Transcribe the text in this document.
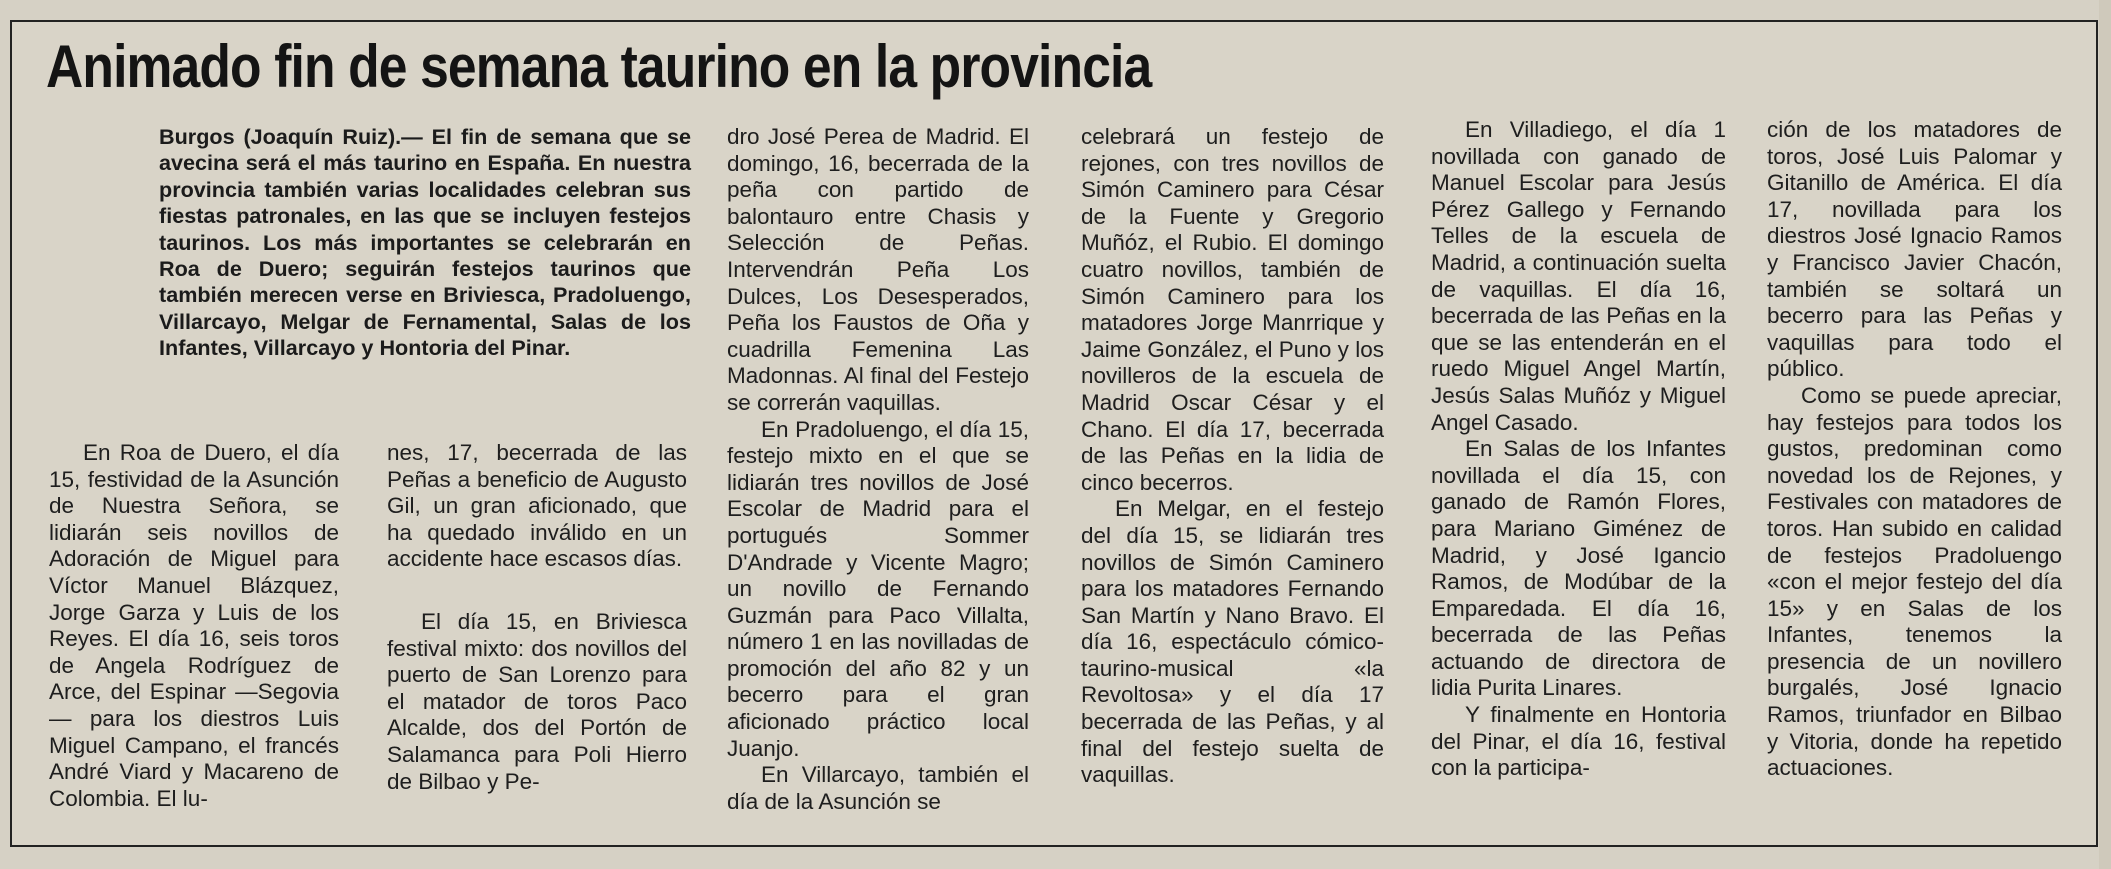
Animado fin de semana taurino en la provincia
Burgos (Joaquín Ruiz).— El fin de semana que se avecina será el más taurino en España. En nuestra provincia también varias localidades celebran sus fiestas patronales, en las que se incluyen festejos taurinos. Los más importantes se celebrarán en Roa de Duero; seguirán festejos taurinos que también merecen verse en Briviesca, Pradoluengo, Villarcayo, Melgar de Fernamental, Salas de los Infantes, Villarcayo y Hontoria del Pinar.

En Roa de Duero, el día 15, festividad de la Asunción de Nuestra Señora, se lidiarán seis novillos de Adoración de Miguel para Víctor Manuel Blázquez, Jorge Garza y Luis de los Reyes. El día 16, seis toros de Angela Rodríguez de Arce, del Espinar —Segovia— para los diestros Luis Miguel Campano, el francés André Viard y Macareno de Colombia. El lu-

nes, 17, becerrada de las Peñas a beneficio de Augusto Gil, un gran aficionado, que ha quedado inválido en un accidente hace escasos días.

El día 15, en Briviesca festival mixto: dos novillos del puerto de San Lorenzo para el matador de toros Paco Alcalde, dos del Portón de Salamanca para Poli Hierro de Bilbao y Pe-

dro José Perea de Madrid. El domingo, 16, becerrada de la peña con partido de balontauro entre Chasis y Selección de Peñas. Intervendrán Peña Los Dulces, Los Desesperados, Peña los Faustos de Oña y cuadrilla Femenina Las Madonnas. Al final del Festejo se correrán vaquillas.

En Pradoluengo, el día 15, festejo mixto en el que se lidiarán tres novillos de José Escolar de Madrid para el portugués Sommer D'Andrade y Vicente Magro; un novillo de Fernando Guzmán para Paco Villalta, número 1 en las novilladas de promoción del año 82 y un becerro para el gran aficionado práctico local Juanjo.

En Villarcayo, también el día de la Asunción se

celebrará un festejo de rejones, con tres novillos de Simón Caminero para César de la Fuente y Gregorio Muñóz, el Rubio. El domingo cuatro novillos, también de Simón Caminero para los matadores Jorge Manrrique y Jaime González, el Puno y los novilleros de la escuela de Madrid Oscar César y el Chano. El día 17, becerrada de las Peñas en la lidia de cinco becerros.

En Melgar, en el festejo del día 15, se lidiarán tres novillos de Simón Caminero para los matadores Fernando San Martín y Nano Bravo. El día 16, espectáculo cómico-taurino-musical «la Revoltosa» y el día 17 becerrada de las Peñas, y al final del festejo suelta de vaquillas.

En Villadiego, el día 1 novillada con ganado de Manuel Escolar para Jesús Pérez Gallego y Fernando Telles de la escuela de Madrid, a continuación suelta de vaquillas. El día 16, becerrada de las Peñas en la que se las entenderán en el ruedo Miguel Angel Martín, Jesús Salas Muñóz y Miguel Angel Casado.

En Salas de los Infantes novillada el día 15, con ganado de Ramón Flores, para Mariano Giménez de Madrid, y José Igancio Ramos, de Modúbar de la Emparedada. El día 16, becerrada de las Peñas actuando de directora de lidia Purita Linares.

Y finalmente en Hontoria del Pinar, el día 16, festival con la participa-

ción de los matadores de toros, José Luis Palomar y Gitanillo de América. El día 17, novillada para los diestros José Ignacio Ramos y Francisco Javier Chacón, también se soltará un becerro para las Peñas y vaquillas para todo el público.

Como se puede apreciar, hay festejos para todos los gustos, predominan como novedad los de Rejones, y Festivales con matadores de toros. Han subido en calidad de festejos Pradoluengo «con el mejor festejo del día 15» y en Salas de los Infantes, tenemos la presencia de un novillero burgalés, José Ignacio Ramos, triunfador en Bilbao y Vitoria, donde ha repetido actuaciones.
